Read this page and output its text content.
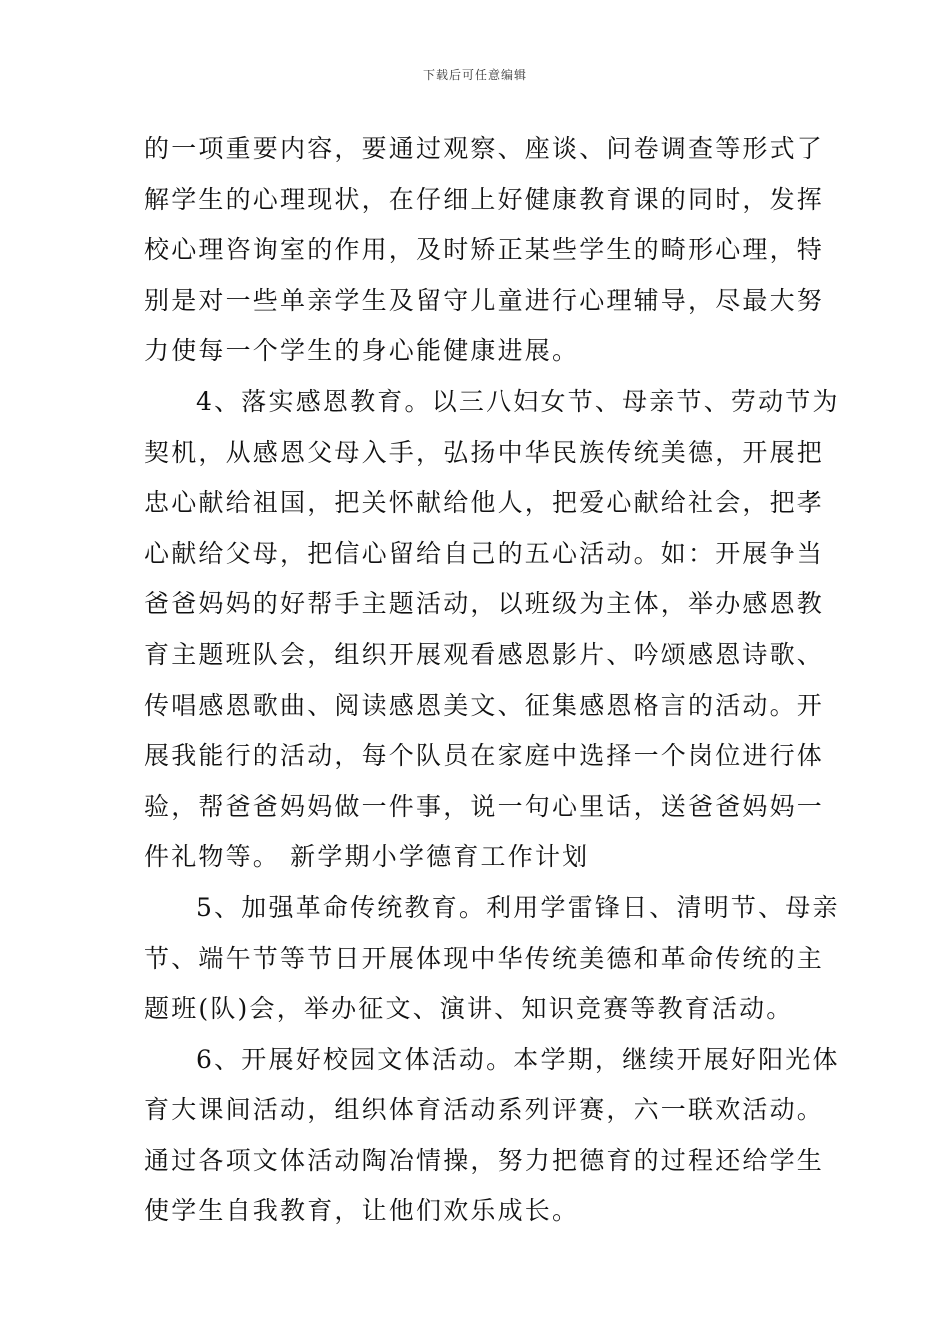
下载后可任意编辑
的一项重要内容，要通过观察、座谈、问卷调查等形式了
解学生的心理现状，在仔细上好健康教育课的同时，发挥
校心理咨询室的作用，及时矫正某些学生的畸形心理，特
别是对一些单亲学生及留守儿童进行心理辅导，尽最大努
力使每一个学生的身心能健康进展。
4、落实感恩教育。以三八妇女节、母亲节、劳动节为
契机，从感恩父母入手，弘扬中华民族传统美德，开展把
忠心献给祖国，把关怀献给他人，把爱心献给社会，把孝
心献给父母，把信心留给自己的五心活动。如：开展争当
爸爸妈妈的好帮手主题活动，以班级为主体，举办感恩教
育主题班队会，组织开展观看感恩影片、吟颂感恩诗歌、
传唱感恩歌曲、阅读感恩美文、征集感恩格言的活动。开
展我能行的活动，每个队员在家庭中选择一个岗位进行体
验，帮爸爸妈妈做一件事，说一句心里话，送爸爸妈妈一
件礼物等。 新学期小学德育工作计划
5、加强革命传统教育。利用学雷锋日、清明节、母亲
节、端午节等节日开展体现中华传统美德和革命传统的主
题班(队)会，举办征文、演讲、知识竞赛等教育活动。
6、开展好校园文体活动。本学期，继续开展好阳光体
育大课间活动，组织体育活动系列评赛，六一联欢活动。
通过各项文体活动陶冶情操，努力把德育的过程还给学生
使学生自我教育，让他们欢乐成长。
